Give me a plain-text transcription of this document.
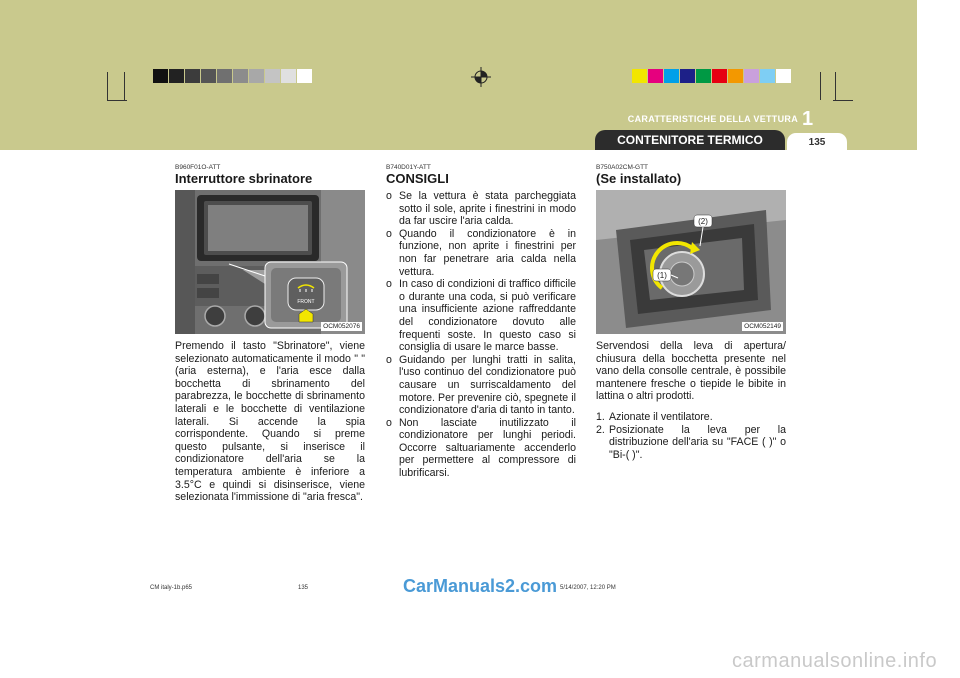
CARATTERISTICHE DELLA VETTURA 1
CONTENITORE TERMICO	135
B960F01O-ATT
Interruttore sbrinatore
FRONT
OCM052076

Premendo il tasto "Sbrinatore", viene selezionato automaticamente il modo " " (aria esterna), e l'aria esce dalla bocchetta di sbrinamento del parabrezza, le bocchette di sbrinamento laterali e le bocchette di ventilazione laterali. Si accende la spia corrispondente. Quando si preme questo pulsante, si inserisce il condizionatore dell'aria se la temperatura ambiente è inferiore a 3.5°C e quindi si disinserisce, viene selezionata l'immissione di "aria fresca".

B740D01Y-ATT
CONSIGLI
o Se la vettura è stata parcheggiata sotto il sole, aprite i finestrini in modo da far uscire l'aria calda.
o Quando il condizionatore è in funzione, non aprite i finestrini per non far penetrare aria calda nella vettura.
o In caso di condizioni di traffico difficile o durante una coda, si può verificare una insufficiente azione raffreddante del condizionatore dovuto alle frequenti soste. In questo caso si consiglia di usare le marce basse.
o Guidando per lunghi tratti in salita, l'uso continuo del condizionatore può causare un surriscaldamento del motore. Per prevenire ciò, spegnete il condizionatore d'aria di tanto in tanto.
o Non lasciate inutilizzato il condizionatore per lunghi periodi. Occorre saltuariamente accenderlo per permettere al compressore di lubrificarsi.
B750A02CM-GTT
(Se installato)
(1)
(2)
OCM052149

Servendosi della leva di apertura/ chiusura della bocchetta presente nel vano della consolle centrale, è possibile mantenere fresche o tiepide le bibite in lattina o altri prodotti.

1. Azionate il ventilatore.
2. Posizionate la leva per la distribuzione dell'aria su "FACE ( )" o "Bi-( )".
CM italy-1b.p65	135	5/14/2007, 12:20 PM
CarManuals2.com
carmanualsonline.info
